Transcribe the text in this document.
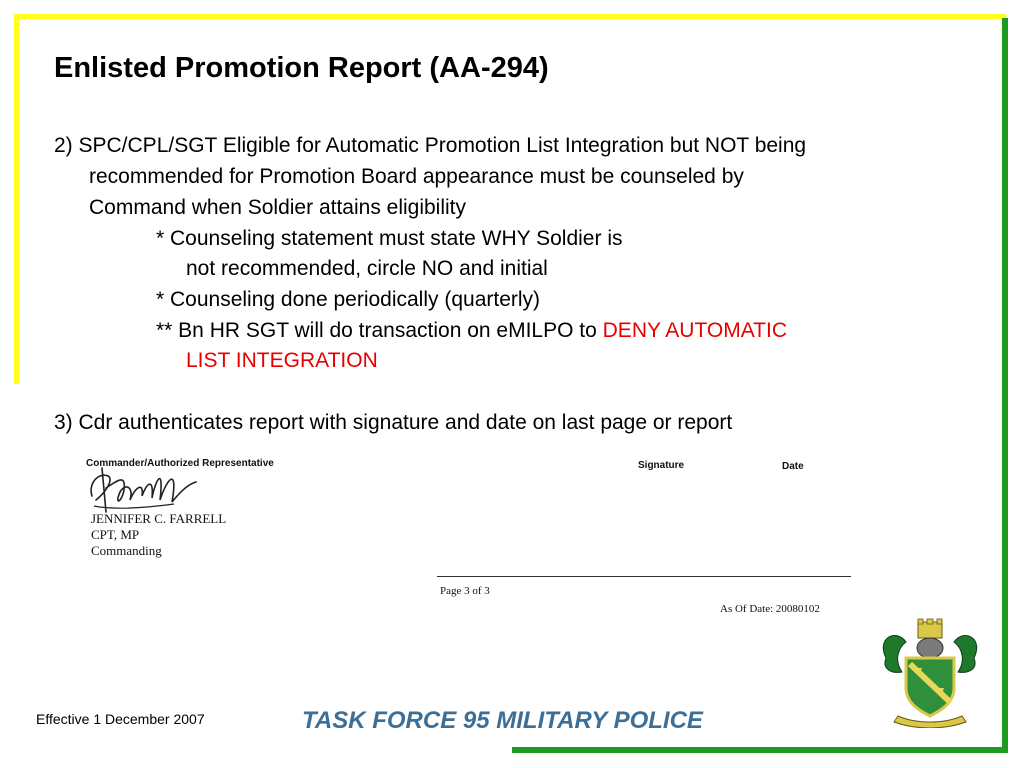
Enlisted Promotion Report (AA-294)
2) SPC/CPL/SGT Eligible for Automatic Promotion List Integration but NOT being
recommended for Promotion Board appearance must be counseled by
Command when Soldier attains eligibility
* Counseling statement must state WHY Soldier is
not recommended, circle NO and initial
* Counseling done periodically (quarterly)
** Bn HR SGT will do transaction on eMILPO to DENY AUTOMATIC
LIST INTEGRATION
3) Cdr authenticates report with signature and date on last page or report
Commander/Authorized Representative	Signature	Date
JENNIFER C. FARRELL
CPT, MP
Commanding
Page 3 of 3
As Of Date: 20080102
Effective 1 December 2007	TASK FORCE 95 MILITARY POLICE
